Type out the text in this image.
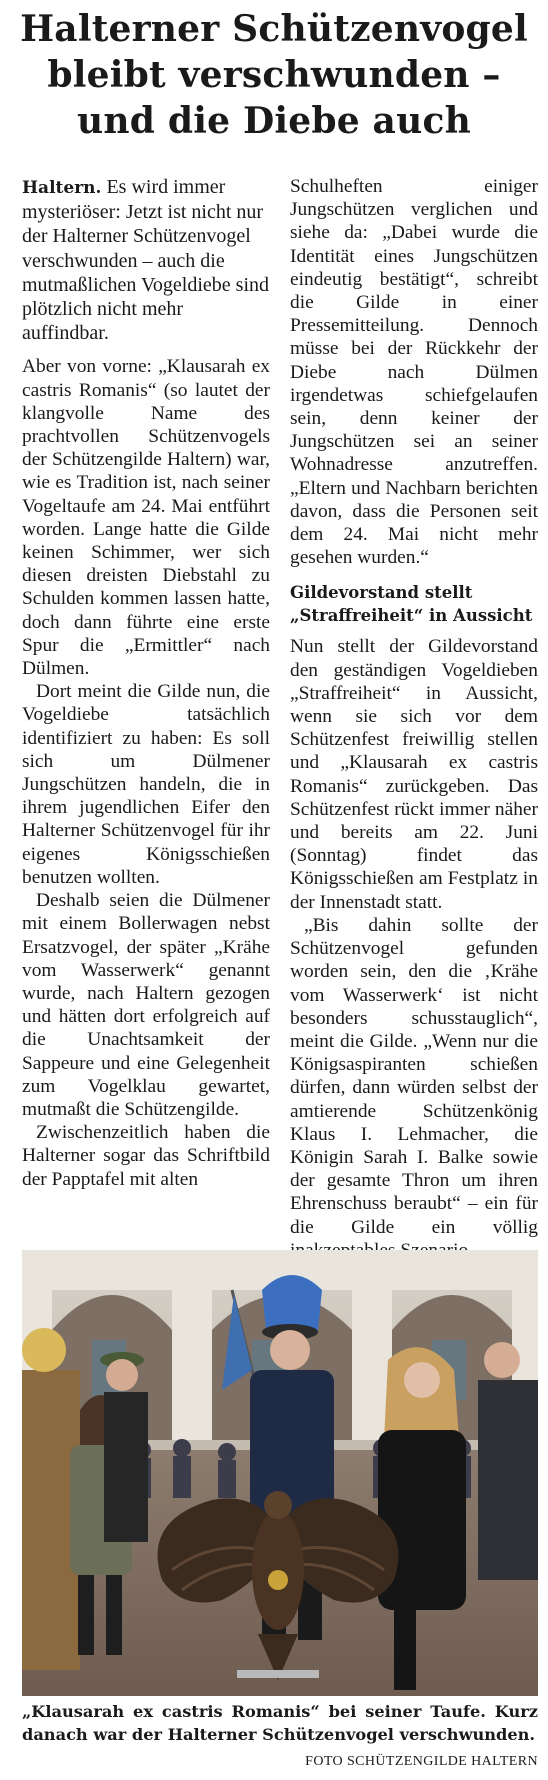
Halterner Schützenvogel
bleibt verschwunden –
und die Diebe auch

Haltern. Es wird immer mysteriöser: Jetzt ist nicht nur der Halterner Schützenvogel verschwunden – auch die mutmaßlichen Vogeldiebe sind plötzlich nicht mehr auffindbar.

Aber von vorne: „Klausarah ex castris Romanis“ (so lautet der klangvolle Name des prachtvollen Schützenvogels der Schützengilde Haltern) war, wie es Tradition ist, nach seiner Vogeltaufe am 24. Mai entführt worden. Lange hatte die Gilde keinen Schimmer, wer sich diesen dreisten Diebstahl zu Schulden kommen lassen hatte, doch dann führte eine erste Spur die „Ermittler“ nach Dülmen.

Dort meint die Gilde nun, die Vogeldiebe tatsächlich identifiziert zu haben: Es soll sich um Dülmener Jungschützen handeln, die in ihrem jugendlichen Eifer den Halterner Schützenvogel für ihr eigenes Königsschießen benutzen wollten.

Deshalb seien die Dülmener mit einem Bollerwagen nebst Ersatzvogel, der später „Krähe vom Wasserwerk“ genannt wurde, nach Haltern gezogen und hätten dort erfolgreich auf die Unachtsamkeit der Sappeure und eine Gelegenheit zum Vogelklau gewartet, mutmaßt die Schützengilde.

Zwischenzeitlich haben die Halterner sogar das Schriftbild der Papptafel mit alten

Schulheften einiger Jungschützen verglichen und siehe da: „Dabei wurde die Identität eines Jungschützen eindeutig bestätigt“, schreibt die Gilde in einer Pressemitteilung. Dennoch müsse bei der Rückkehr der Diebe nach Dülmen irgendetwas schiefgelaufen sein, denn keiner der Jungschützen sei an seiner Wohnadresse anzutreffen. „Eltern und Nachbarn berichten davon, dass die Personen seit dem 24. Mai nicht mehr gesehen wurden.“

Gildevorstand stellt
„Straffreiheit“ in Aussicht

Nun stellt der Gildevorstand den geständigen Vogeldieben „Straffreiheit“ in Aussicht, wenn sie sich vor dem Schützenfest freiwillig stellen und „Klausarah ex castris Romanis“ zurückgeben. Das Schützenfest rückt immer näher und bereits am 22. Juni (Sonntag) findet das Königsschießen am Festplatz in der Innenstadt statt.

„Bis dahin sollte der Schützenvogel gefunden worden sein, den die ‚Krähe vom Wasserwerk‘ ist nicht besonders schusstauglich“, meint die Gilde. „Wenn nur die Königsaspiranten schießen dürfen, dann würden selbst der amtierende Schützenkönig Klaus I. Lehmacher, die Königin Sarah I. Balke sowie der gesamte Thron um ihren Ehrenschuss beraubt“ – ein für die Gilde ein völlig

„Klausarah ex castris Romanis“ bei seiner Taufe. Kurz danach war der Halterner Schützenvogel verschwunden.

FOTO SCHÜTZENGILDE HALTERN
